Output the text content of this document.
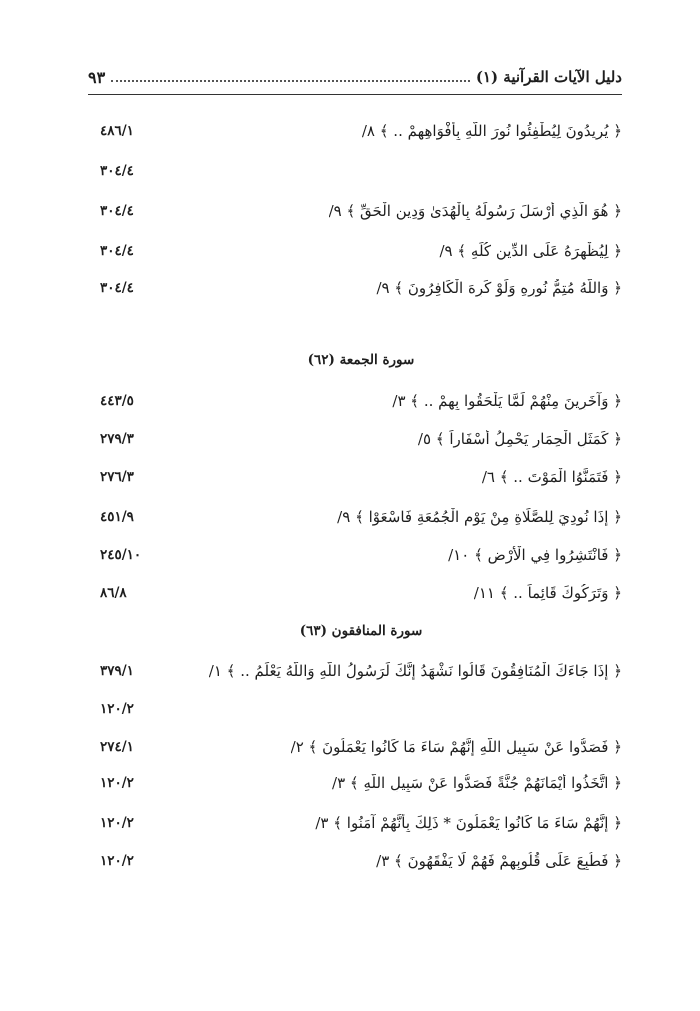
٩٣	دليل الآيات القرآنية (١)
٤٨٦/١	﴿ يُرِيدُونَ لِيُطْفِئُوا نُورَ اللَّهِ بِأَفْوَاهِهِمْ .. ﴾ ٨/
٣٠٤/٤
٣٠٤/٤	﴿ هُوَ الَّذِي أَرْسَلَ رَسُولَهُ بِالْهُدَىٰ وَدِينِ الْحَقِّ ﴾ ٩/
٣٠٤/٤	﴿ لِيُظْهِرَهُ عَلَى الدِّينِ كُلِّهِ ﴾ ٩/
٣٠٤/٤	﴿ وَاللَّهُ مُتِمُّ نُورِهِ وَلَوْ كَرِهَ الْكَافِرُونَ ﴾ ٩/
سورة الجمعة (٦٢)
٤٤٣/٥	﴿ وَآخَرِينَ مِنْهُمْ لَمَّا يَلْحَقُوا بِهِمْ .. ﴾ ٣/
٢٧٩/٣	﴿ كَمَثَلِ الْحِمَارِ يَحْمِلُ أَسْفَاراً ﴾ ٥/
٢٧٦/٣	﴿ فَتَمَنَّوُا الْمَوْتَ .. ﴾ ٦/
٤٥١/٩	﴿ إِذَا نُودِيَ لِلصَّلَاةِ مِنْ يَوْمِ الْجُمُعَةِ فَاسْعَوْا ﴾ ٩/
٢٤٥/١٠	﴿ فَانْتَشِرُوا فِي الْأَرْضِ ﴾ ١٠/
٨٦/٨	﴿ وَتَرَكُوكَ قَائِماً .. ﴾ ١١/
سورة المنافقون (٦٣)
٣٧٩/١	﴿ إِذَا جَاءَكَ الْمُنَافِقُونَ قَالُوا نَشْهَدُ إِنَّكَ لَرَسُولُ اللَّهِ وَاللَّهُ يَعْلَمُ .. ﴾ ١/
١٢٠/٢
٢٧٤/١	﴿ فَصَدُّوا عَنْ سَبِيلِ اللَّهِ إِنَّهُمْ سَاءَ مَا كَانُوا يَعْمَلُونَ ﴾ ٢/
١٢٠/٢	﴿ اتَّخَذُوا أَيْمَانَهُمْ جُنَّةً فَصَدُّوا عَنْ سَبِيلِ اللَّهِ ﴾ ٣/
١٢٠/٢	﴿ إِنَّهُمْ سَاءَ مَا كَانُوا يَعْمَلُونَ * ذَلِكَ بِأَنَّهُمْ آمَنُوا ﴾ ٣/
١٢٠/٢	﴿ فَطُبِعَ عَلَى قُلُوبِهِمْ فَهُمْ لَا يَفْقَهُونَ ﴾ ٣/
